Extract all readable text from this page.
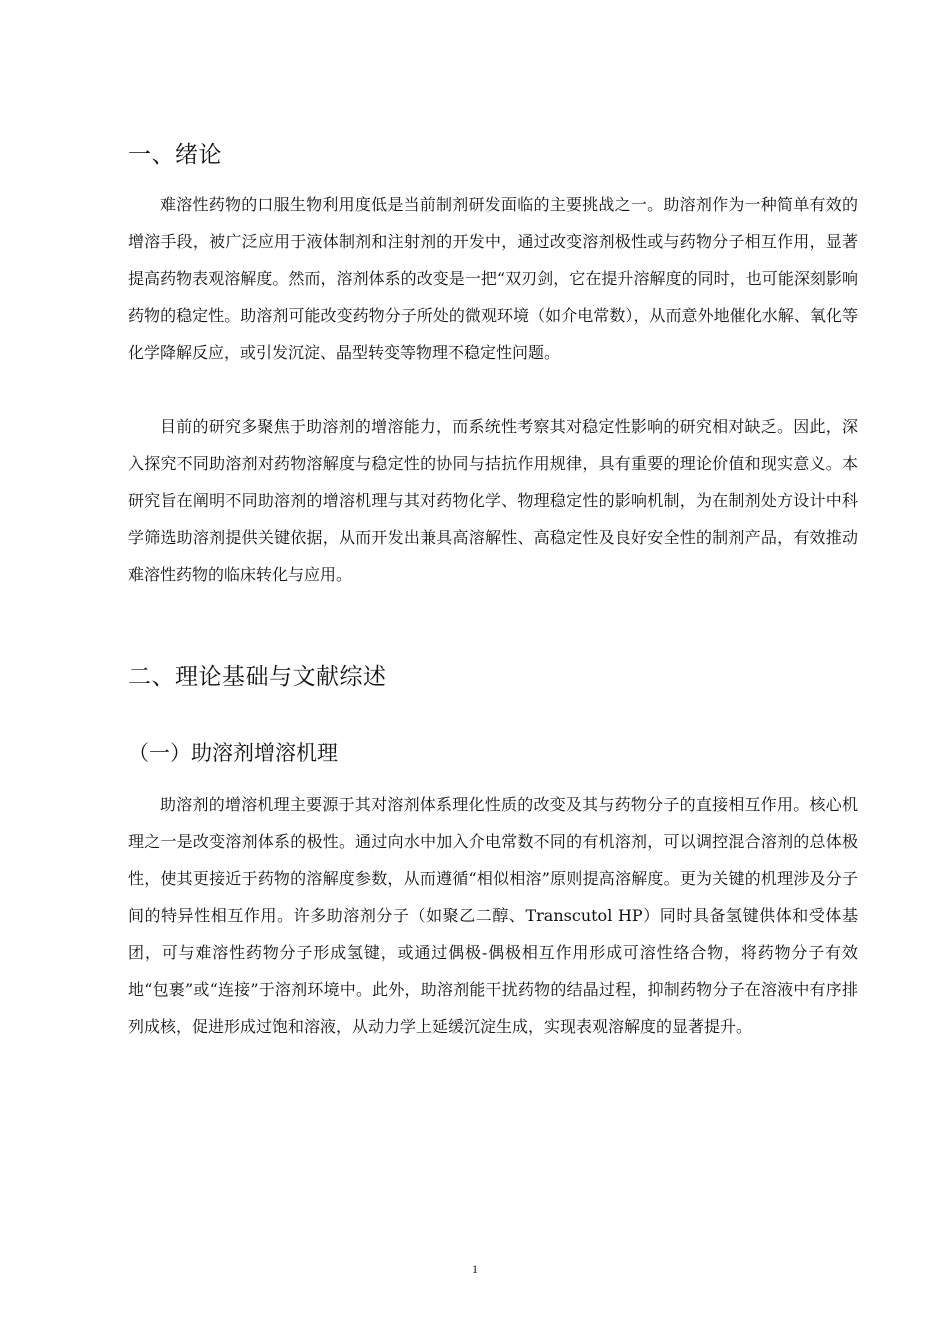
一、绪论

难溶性药物的口服生物利用度低是当前制剂研发面临的主要挑战之一。助溶剂作为一种简单有效的增溶手段，被广泛应用于液体制剂和注射剂的开发中，通过改变溶剂极性或与药物分子相互作用，显著提高药物表观溶解度。然而，溶剂体系的改变是一把“双刃剑，它在提升溶解度的同时，也可能深刻影响药物的稳定性。助溶剂可能改变药物分子所处的微观环境（如介电常数），从而意外地催化水解、氧化等化学降解反应，或引发沉淀、晶型转变等物理不稳定性问题。

目前的研究多聚焦于助溶剂的增溶能力，而系统性考察其对稳定性影响的研究相对缺乏。因此，深入探究不同助溶剂对药物溶解度与稳定性的协同与拮抗作用规律，具有重要的理论价值和现实意义。本研究旨在阐明不同助溶剂的增溶机理与其对药物化学、物理稳定性的影响机制，为在制剂处方设计中科学筛选助溶剂提供关键依据，从而开发出兼具高溶解性、高稳定性及良好安全性的制剂产品，有效推动难溶性药物的临床转化与应用。

二、理论基础与文献综述
（一）助溶剂增溶机理

助溶剂的增溶机理主要源于其对溶剂体系理化性质的改变及其与药物分子的直接相互作用。核心机理之一是改变溶剂体系的极性。通过向水中加入介电常数不同的有机溶剂，可以调控混合溶剂的总体极性，使其更接近于药物的溶解度参数，从而遵循“相似相溶”原则提高溶解度。更为关键的机理涉及分子间的特异性相互作用。许多助溶剂分子（如聚乙二醇、Transcutol HP）同时具备氢键供体和受体基团，可与难溶性药物分子形成氢键，或通过偶极-偶极相互作用形成可溶性络合物，将药物分子有效地“包裹”或“连接”于溶剂环境中。此外，助溶剂能干扰药物的结晶过程，抑制药物分子在溶液中有序排列成核，促进形成过饱和溶液，从动力学上延缓沉淀生成，实现表观溶解度的显著提升。

1
